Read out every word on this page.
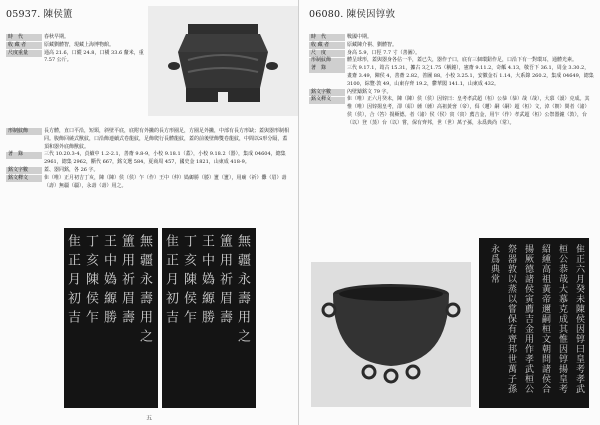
05937. 陳侯簠
時　代	春秋早期。
收 藏 者	原藏劉體智，現藏上海博物館。
尺度重量	通高 21.6，口縱 24.8，口橫 33.6 釐米，重 7.57 公斤。
形制紋飾	長方體，直口平沿，短頸，斜壁平底，底附有外撇的長方形圈足，方圈足外撇，中部有長方形缺；蓋與器形制相同。腹飾回繞式獸紋，口沿飾連續式卷龍紋，足飾爬行長體龍紋，蓋的前後壁飾雙卷龍紋，中間以S形分隔，蓋頂和器外底飾獸紋。
著　錄	三代 10.20.3-4，貞續中 1.2-2.1，善齋 9.8-9，小校 9.18.1（蓋），小校 9.18.2（器），集成 04604，總集 2961，總集 2962，斷代 667，銘文選 584，夏商周 457，國史金 1821，山東成 418-9。
銘文字數	蓋、器同銘，各 26 字。
銘文釋文	隹（唯）正月初吉丁亥，陳（陳）侯（侯）乍（作）王中（仲）媯縓勝（媵）簠（簠），用廟（祈）釁（眉）壽（壽）無疆（疆），永壽（壽）用之。
無疆永壽用之
簠用祈眉壽
王中媯縓勝
丁亥陳侯乍
隹正月初吉	無疆永壽用之
簠用祈眉壽
王中媯縓勝
丁亥陳侯乍
隹正月初吉
五
06080. 陳侯因𬭚敦
時　代	戰國中期。
收 藏 者	原藏陳介祺、劉體智。
尺　度	身高 5.9，口徑 7.7 寸（善圖）。
形制紋飾	體呈球形，蓋與器身各佔一半，蓋已失，器作子口，底有三個環鈕作足，口沿下有一對環耳，通體光素。
著　錄	三代 9.17.1，筠古 15.31，攈古 3之1.75（稱鐘），憲齋 9.11.2，奇觚 4.13，敬吾下 36.1，周金 3.30.2，畫齋 3.49，陳侯 4，善齋 2.82，善圖 88，小校 3.25.1，安徽金石 1.14，大系錄 260.2，集成 04649，總集 3100，綜覽·敦 49，山東存齊 19.2，鬱華閣 141.1，山東成 432。
銘文字數	內壁鑄銘文 79 字。
銘文釋文	隹（唯）正六月癸未，陳（陳）侯（侯）因𬭚曰：皇考孝武超（桓）公恭（恭）哉（哉），大慕（謨）克成。其惟（唯）因𬭚揚皇考，卲（紹）緟（緟）高祖黃啻（帝），佴（邇）嗣（嗣）超（桓）文，淖（朝）問者（諸）侯（侯），合（答）揚厥德。者（諸）侯（侯）寅（寅）薦吉金，用乍（作）孝武超（桓）公祭器鐘（敦），台（以）登（蒸）台（以）嘗，保有齊邦，世（世）萬子孫，永爲典尚（常）。
隹正六月癸未陳侯因𬭚曰皇考孝武
桓公恭哉大慕克成其惟因𬭚揚皇考
紹緟高祖黃帝邇嗣桓文朝問諸侯合
揚厥德諸侯寅薦吉金用作孝武桓公
祭器敦以蒸以嘗保有齊邦世萬子孫
永爲典常
